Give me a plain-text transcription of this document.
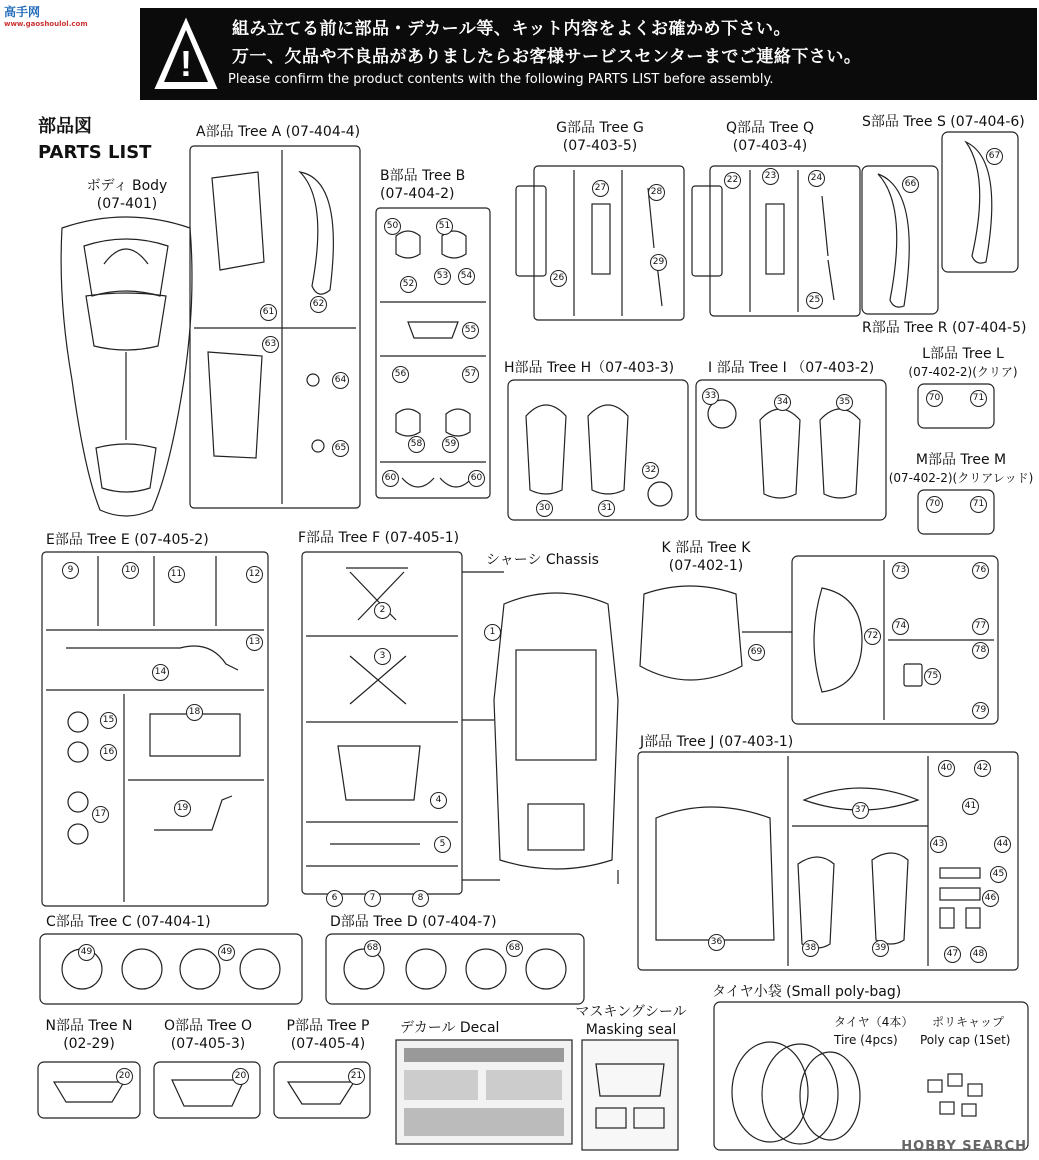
高手网
www.gaoshoulol.com
!
組み立てる前に部品・デカール等、キット内容をよくお確かめ下さい。
万一、欠品や不良品がありましたらお客様サービスセンターまでご連絡下さい。
Please confirm the product contents with the following PARTS LIST before assembly.
部品図
PARTS LIST
ボディ Body
(07-401)
A部品 Tree A (07-404-4)
B部品 Tree B
(07-404-2)
G部品 Tree G
(07-403-5)
Q部品 Tree Q
(07-403-4)
S部品 Tree S (07-404-6)
R部品 Tree R (07-404-5)
H部品 Tree H（07-403-3) I 部品 Tree I （07-403-2)
L部品 Tree L
(07-402-2)(クリア)
M部品 Tree M
(07-402-2)(クリアレッド)
E部品 Tree E (07-405-2)	F部品 Tree F (07-405-1)
シャーシ Chassis
K 部品 Tree K
(07-402-1)
J部品 Tree J (07-403-1)
C部品 Tree C (07-404-1)	D部品 Tree D (07-404-7)
N部品 Tree N
(02-29)
O部品 Tree O
(07-405-3)
P部品 Tree P
(07-405-4)
デカール Decal
マスキングシール
Masking seal
タイヤ小袋 (Small poly-bag)
61
62
63
64
65
50	51
52
53	54
55
56	57
58	59
60	60
26
27	28
29
22	23	24
25
66
67
30	31
32
33
34	35	70	71
70	71
9	10	11	12
13
14
15
16
17
18
19
2
3
4
5
6	7	8
1
69
72
73
74
75
76
77
78
79
36
37
38	39
40
41
42
43	44
45
46
47	48
49	49	68	68
20	20	21
タイヤ（4本）
Tire (4pcs)
ポリキャップ
Poly cap (1Set)
HOBBY SEARCH
